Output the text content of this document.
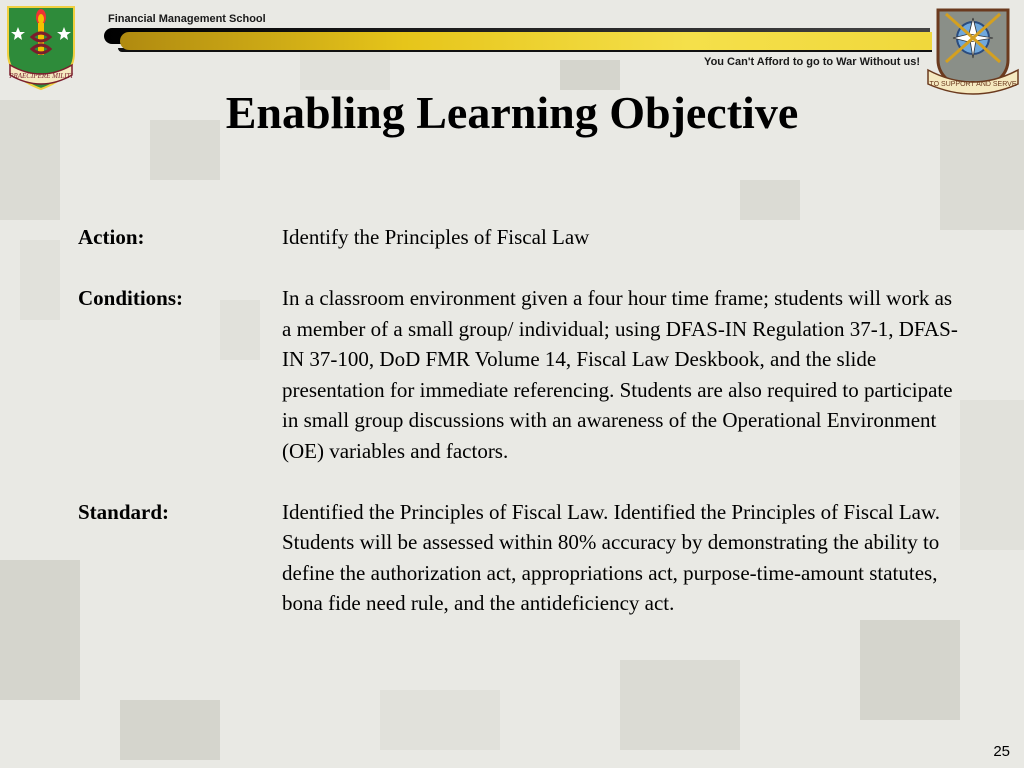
Financial Management School
You Can't Afford to go to War Without us!
PRAECIPERE MILITI
TO SUPPORT AND SERVE
Enabling Learning Objective
Action:	Identify the Principles of Fiscal Law
Conditions:	In a classroom environment given a four hour time frame; students will work as a member of a small group/ individual; using DFAS-IN Regulation 37-1, DFAS-IN 37-100, DoD FMR Volume 14, Fiscal Law Deskbook, and the slide presentation for immediate referencing. Students are also required to participate in small group discussions with an awareness of the Operational Environment (OE) variables and factors.
Standard:	Identified the Principles of Fiscal Law. Identified the Principles of Fiscal Law. Students will be assessed within 80% accuracy by demonstrating the ability to define the authorization act, appropriations act, purpose-time-amount statutes, bona fide need rule, and the antideficiency act.
25
